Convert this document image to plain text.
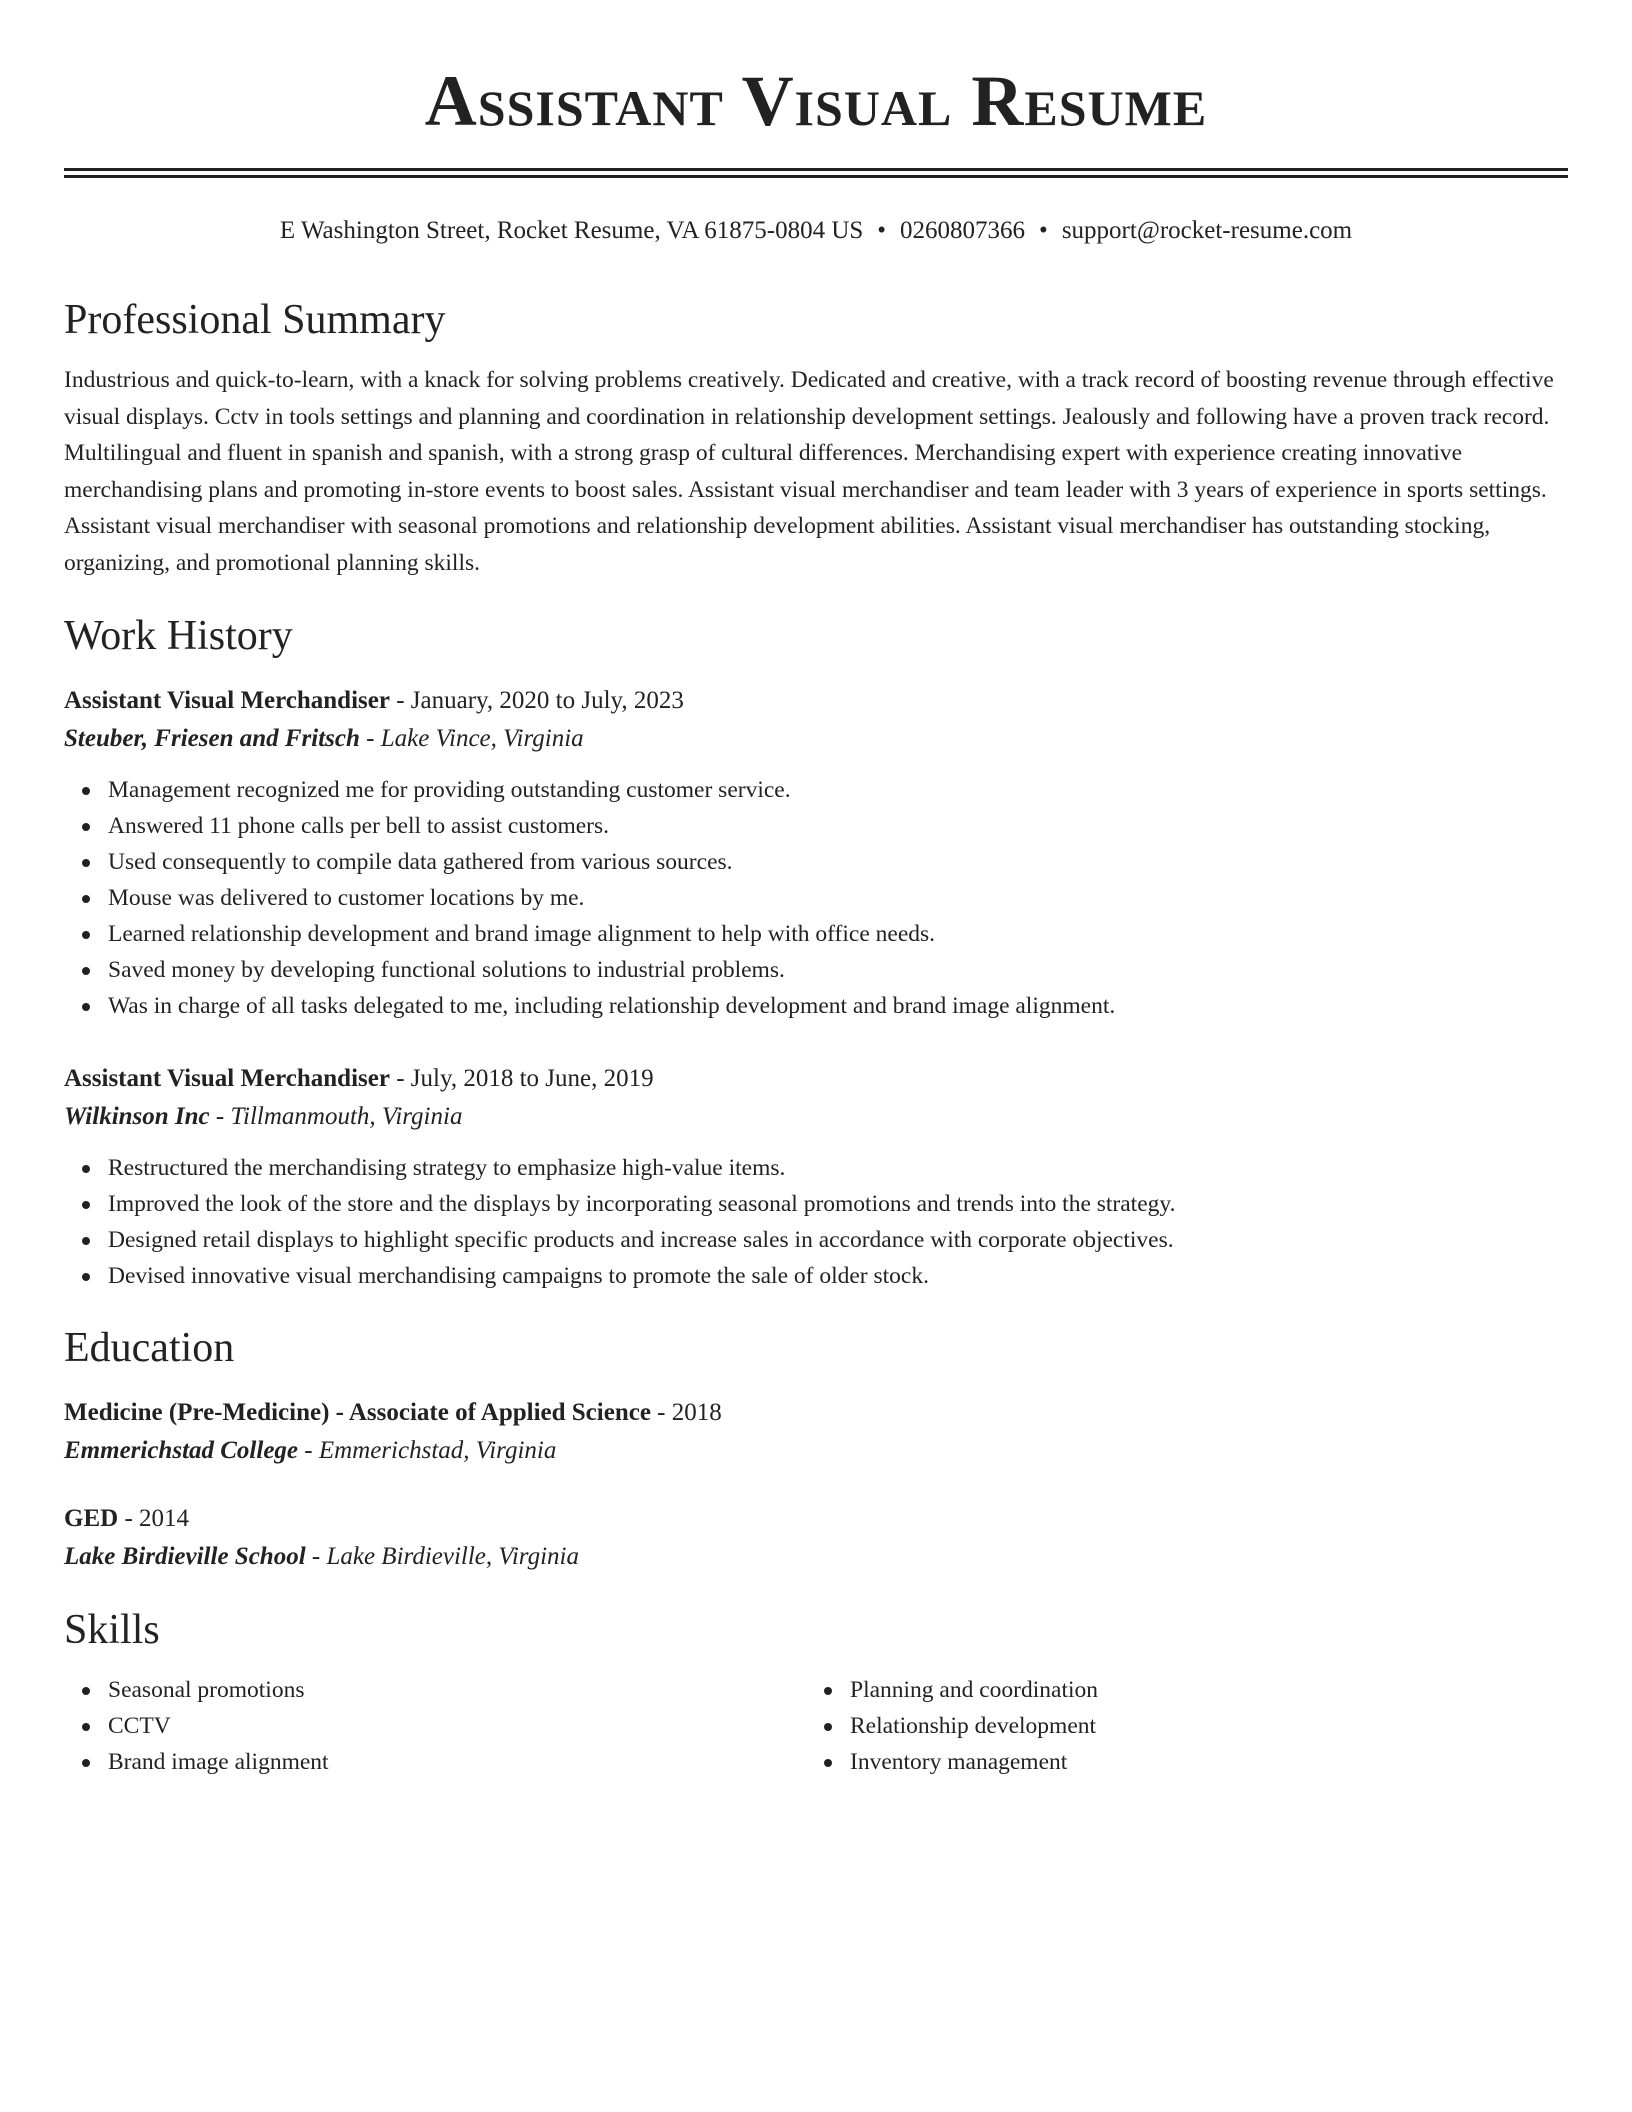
Assistant Visual Resume
E Washington Street, Rocket Resume, VA 61875-0804 US • 0260807366 • support@rocket-resume.com
Professional Summary
Industrious and quick-to-learn, with a knack for solving problems creatively. Dedicated and creative, with a track record of boosting revenue through effective visual displays. Cctv in tools settings and planning and coordination in relationship development settings. Jealously and following have a proven track record. Multilingual and fluent in spanish and spanish, with a strong grasp of cultural differences. Merchandising expert with experience creating innovative merchandising plans and promoting in-store events to boost sales. Assistant visual merchandiser and team leader with 3 years of experience in sports settings. Assistant visual merchandiser with seasonal promotions and relationship development abilities. Assistant visual merchandiser has outstanding stocking, organizing, and promotional planning skills.
Work History
Assistant Visual Merchandiser - January, 2020 to July, 2023
Steuber, Friesen and Fritsch - Lake Vince, Virginia
Management recognized me for providing outstanding customer service.
Answered 11 phone calls per bell to assist customers.
Used consequently to compile data gathered from various sources.
Mouse was delivered to customer locations by me.
Learned relationship development and brand image alignment to help with office needs.
Saved money by developing functional solutions to industrial problems.
Was in charge of all tasks delegated to me, including relationship development and brand image alignment.
Assistant Visual Merchandiser - July, 2018 to June, 2019
Wilkinson Inc - Tillmanmouth, Virginia
Restructured the merchandising strategy to emphasize high-value items.
Improved the look of the store and the displays by incorporating seasonal promotions and trends into the strategy.
Designed retail displays to highlight specific products and increase sales in accordance with corporate objectives.
Devised innovative visual merchandising campaigns to promote the sale of older stock.
Education
Medicine (Pre-Medicine) - Associate of Applied Science - 2018
Emmerichstad College - Emmerichstad, Virginia
GED - 2014
Lake Birdieville School - Lake Birdieville, Virginia
Skills
Seasonal promotions
CCTV
Brand image alignment
Planning and coordination
Relationship development
Inventory management
